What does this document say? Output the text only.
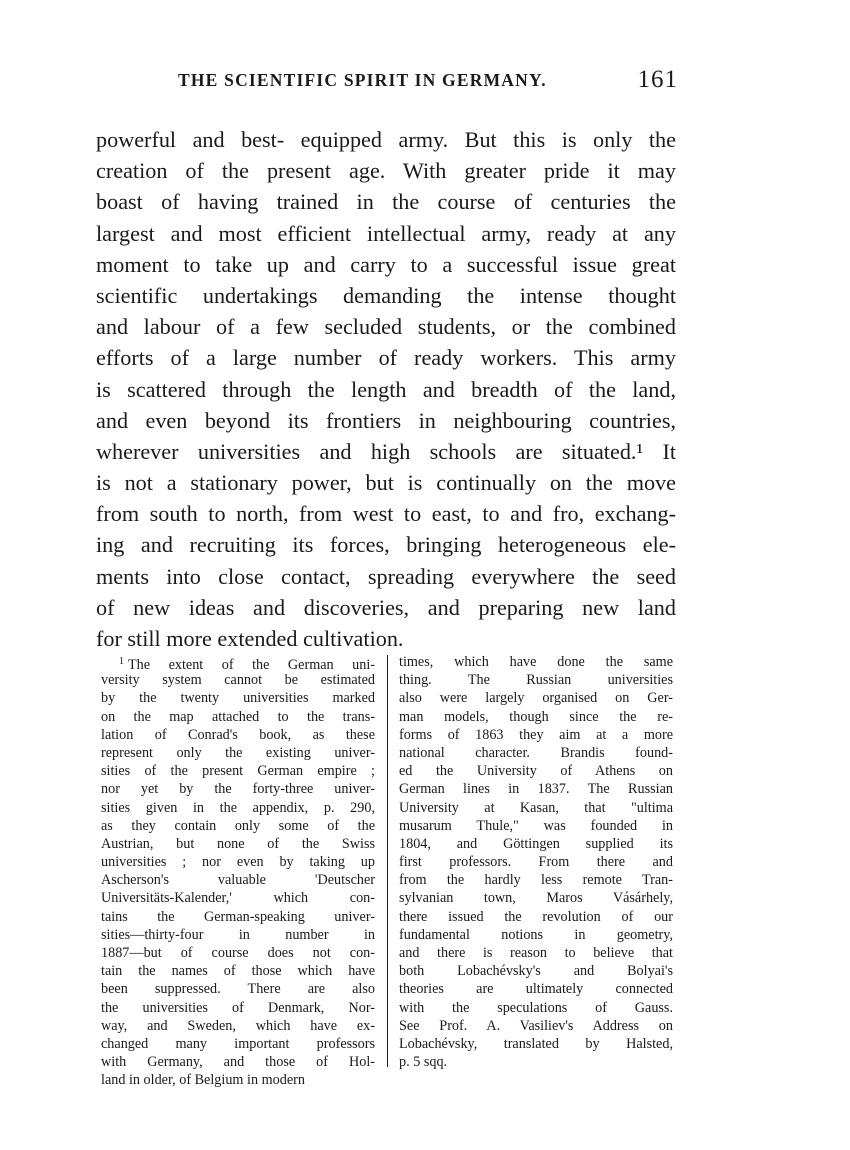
THE SCIENTIFIC SPIRIT IN GERMANY.	161
powerful and best- equipped army. But this is only the
creation of the present age. With greater pride it may
boast of having trained in the course of centuries the
largest and most efficient intellectual army, ready at any
moment to take up and carry to a successful issue great
scientific undertakings demanding the intense thought
and labour of a few secluded students, or the combined
efforts of a large number of ready workers. This army
is scattered through the length and breadth of the land,
and even beyond its frontiers in neighbouring countries,
wherever universities and high schools are situated.¹ It
is not a stationary power, but is continually on the move
from south to north, from west to east, to and fro, exchang-
ing and recruiting its forces, bringing heterogeneous ele-
ments into close contact, spreading everywhere the seed
of new ideas and discoveries, and preparing new land
for still more extended cultivation.
$^1$ The extent of the German uni-
versity system cannot be estimated
by the twenty universities marked
on the map attached to the trans-
lation of Conrad's book, as these
represent only the existing univer-
sities of the present German empire ;
nor yet by the forty-three univer-
sities given in the appendix, p. 290,
as they contain only some of the
Austrian, but none of the Swiss
universities ; nor even by taking up
Ascherson's valuable 'Deutscher
Universitäts-Kalender,' which con-
tains the German-speaking univer-
sities—thirty-four in number in
1887—but of course does not con-
tain the names of those which have
been suppressed. There are also
the universities of Denmark, Nor-
way, and Sweden, which have ex-
changed many important professors
with Germany, and those of Hol-
land in older, of Belgium in modern
times, which have done the same
thing. The Russian universities
also were largely organised on Ger-
man models, though since the re-
forms of 1863 they aim at a more
national character. Brandis found-
ed the University of Athens on
German lines in 1837. The Russian
University at Kasan, that "ultima
musarum Thule," was founded in
1804, and Göttingen supplied its
first professors. From there and
from the hardly less remote Tran-
sylvanian town, Maros Vásárhely,
there issued the revolution of our
fundamental notions in geometry,
and there is reason to believe that
both Lobachévsky's and Bolyai's
theories are ultimately connected
with the speculations of Gauss.
See Prof. A. Vasiliev's Address on
Lobachévsky, translated by Halsted,
p. 5 sqq.
